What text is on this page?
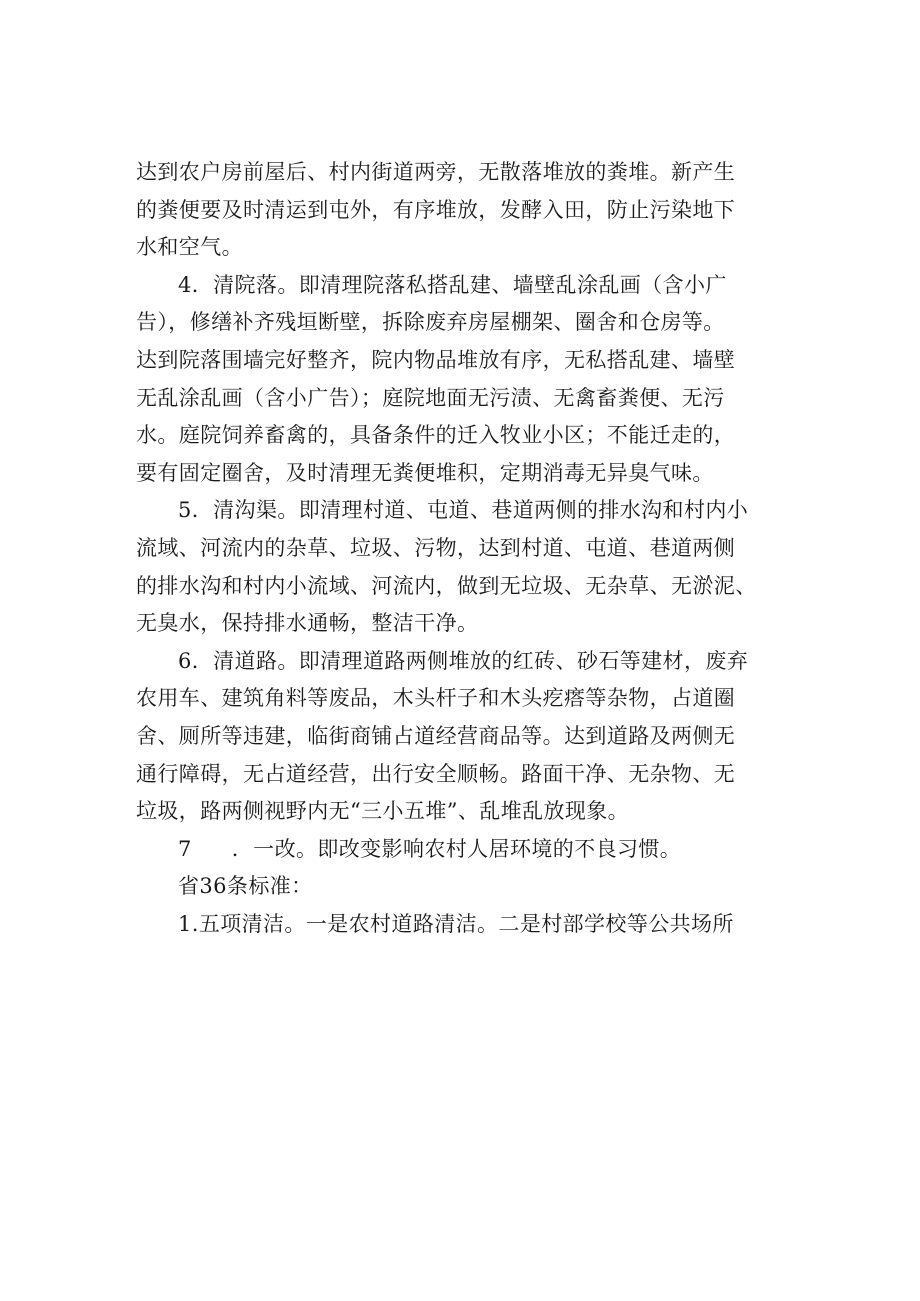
达到农户房前屋后、村内街道两旁，无散落堆放的粪堆。新产生
的粪便要及时清运到屯外，有序堆放，发酵入田，防止污染地下
水和空气。
4．清院落。即清理院落私搭乱建、墙壁乱涂乱画（含小广
告），修缮补齐残垣断壁，拆除废弃房屋棚架、圈舍和仓房等。
达到院落围墙完好整齐，院内物品堆放有序，无私搭乱建、墙壁
无乱涂乱画（含小广告）；庭院地面无污渍、无禽畜粪便、无污
水。庭院饲养畜禽的，具备条件的迁入牧业小区；不能迁走的，
要有固定圈舍，及时清理无粪便堆积，定期消毒无异臭气味。
5．清沟渠。即清理村道、屯道、巷道两侧的排水沟和村内小
流域、河流内的杂草、垃圾、污物，达到村道、屯道、巷道两侧
的排水沟和村内小流域、河流内，做到无垃圾、无杂草、无淤泥、
无臭水，保持排水通畅，整洁干净。
6．清道路。即清理道路两侧堆放的红砖、砂石等建材，废弃
农用车、建筑角料等废品，木头杆子和木头疙瘩等杂物，占道圈
舍、厕所等违建，临街商铺占道经营商品等。达到道路及两侧无
通行障碍，无占道经营，出行安全顺畅。路面干净、无杂物、无
垃圾，路两侧视野内无“三小五堆”、乱堆乱放现象。
7 ．一改。即改变影响农村人居环境的不良习惯。
省36条标准：
1.五项清洁。一是农村道路清洁。二是村部学校等公共场所
